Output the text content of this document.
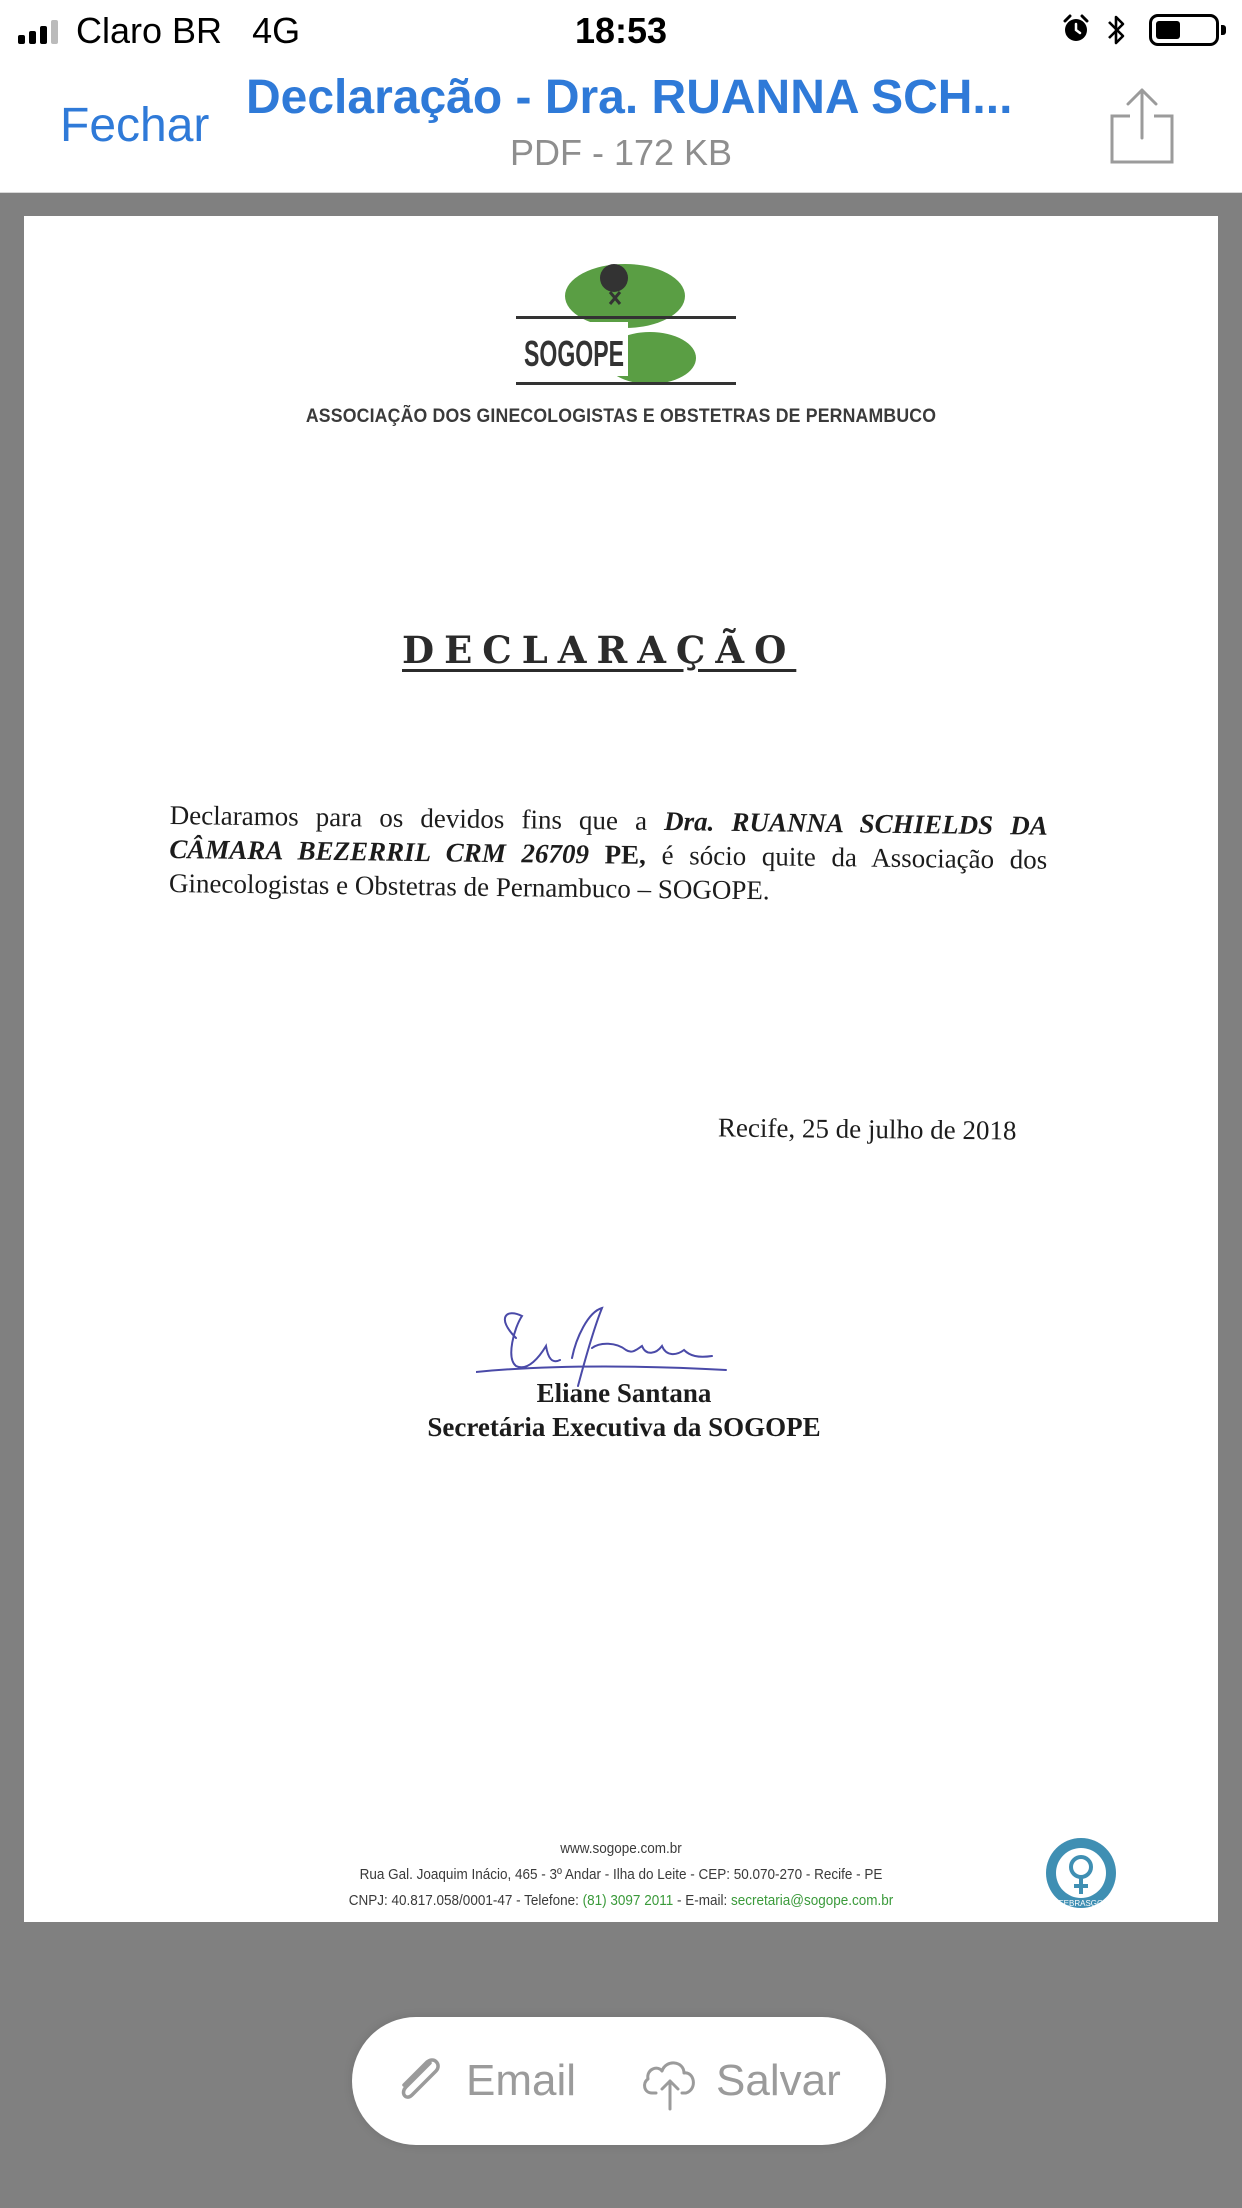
Claro BR 4G	18:53
Fechar
Declaração - Dra. RUANNA SCH...
PDF - 172 KB
SOGOPE
ASSOCIAÇÃO DOS GINECOLOGISTAS E OBSTETRAS DE PERNAMBUCO
DECLARAÇÃO
Declaramos para os devidos fins que a Dra. RUANNA SCHIELDS DA CÂMARA BEZERRIL CRM 26709 PE, é sócio quite da Associação dos Ginecologistas e Obstetras de Pernambuco – SOGOPE.
Recife, 25 de julho de 2018
Eliane Santana
Secretária Executiva da SOGOPE
www.sogope.com.br
Rua Gal. Joaquim Inácio, 465 - 3º Andar - Ilha do Leite - CEP: 50.070-270 - Recife - PE
CNPJ: 40.817.058/0001-47 - Telefone: (81) 3097 2011 - E-mail: secretaria@sogope.com.br	FEBRASGO
Email	Salvar
